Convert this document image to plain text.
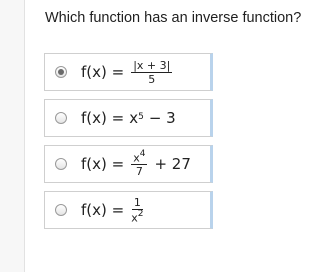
Which function has an inverse function?
$f(x) = \frac{|x + 3|}{5}$
$f(x) = x^5 - 3$
$f(x) = \frac{x^4}{7} + 27$
$f(x) = \frac{1}{x^2}$
